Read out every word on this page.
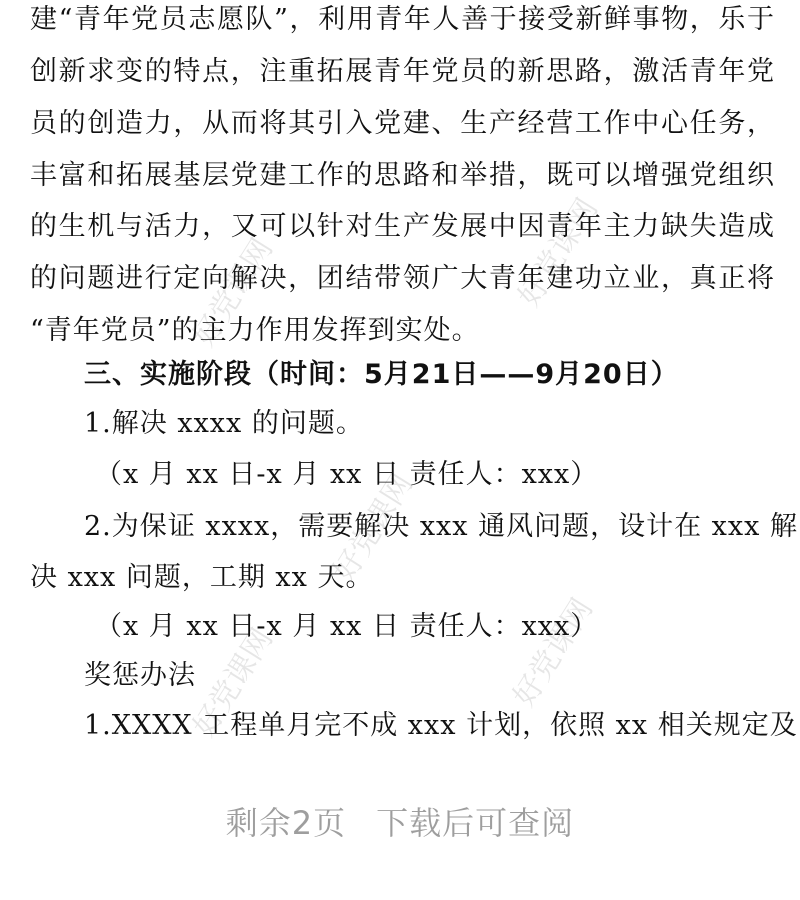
好党课网	好党课网
好党课网
好党课网	好党课网
建“青年党员志愿队”，利用青年人善于接受新鲜事物，乐于
创新求变的特点，注重拓展青年党员的新思路，激活青年党
员的创造力，从而将其引入党建、生产经营工作中心任务，
丰富和拓展基层党建工作的思路和举措，既可以增强党组织
的生机与活力，又可以针对生产发展中因青年主力缺失造成
的问题进行定向解决，团结带领广大青年建功立业，真正将
“青年党员”的主力作用发挥到实处。
三、实施阶段（时间：5月21日——9月20日）
1.解决 xxxx 的问题。
（x 月 xx 日-x 月 xx 日 责任人：xxx）
2.为保证 xxxx，需要解决 xxx 通风问题，设计在 xxx 解
决 xxx 问题，工期 xx 天。
（x 月 xx 日-x 月 xx 日 责任人：xxx）
奖惩办法
1.XXXX 工程单月完不成 xxx 计划，依照 xx 相关规定及
剩余2页 下载后可查阅
